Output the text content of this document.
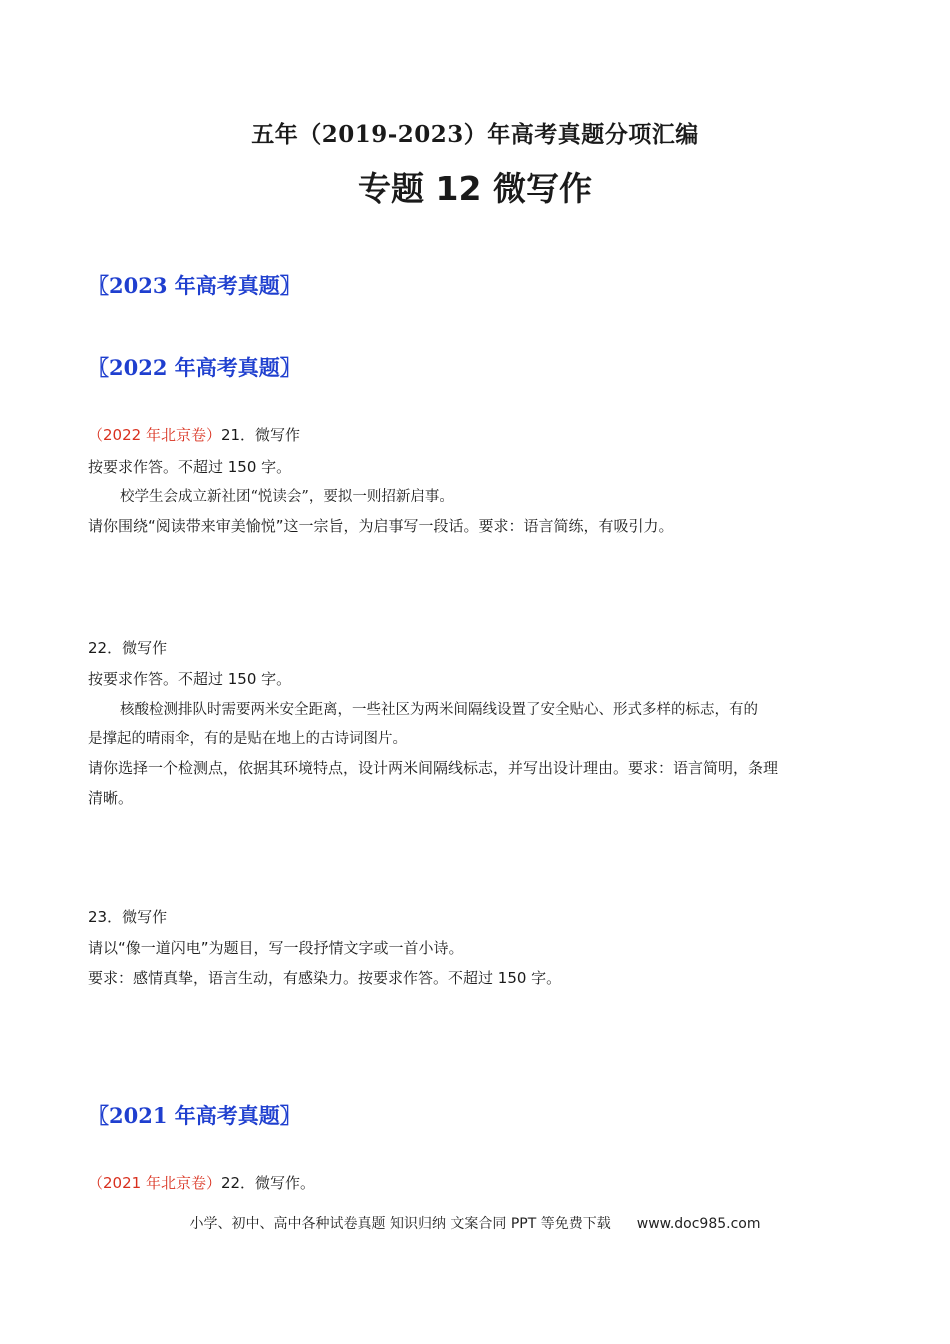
五年（2019-2023）年高考真题分项汇编
专题 12 微写作
〖2023 年高考真题〗
〖2022 年高考真题〗
（2022 年北京卷）21．微写作
按要求作答。不超过 150 字。
校学生会成立新社团“悦读会”，要拟一则招新启事。
请你围绕“阅读带来审美愉悦”这一宗旨，为启事写一段话。要求：语言简练，有吸引力。
22．微写作
按要求作答。不超过 150 字。
核酸检测排队时需要两米安全距离，一些社区为两米间隔线设置了安全贴心、形式多样的标志，有的
是撑起的晴雨伞，有的是贴在地上的古诗词图片。
请你选择一个检测点，依据其环境特点，设计两米间隔线标志，并写出设计理由。要求：语言简明，条理
清晰。
23．微写作
请以“像一道闪电”为题目，写一段抒情文字或一首小诗。
要求：感情真挚，语言生动，有感染力。按要求作答。不超过 150 字。
〖2021 年高考真题〗
（2021 年北京卷）22．微写作。
小学、初中、高中各种试卷真题 知识归纳 文案合同 PPT 等免费下载 www.doc985.com
